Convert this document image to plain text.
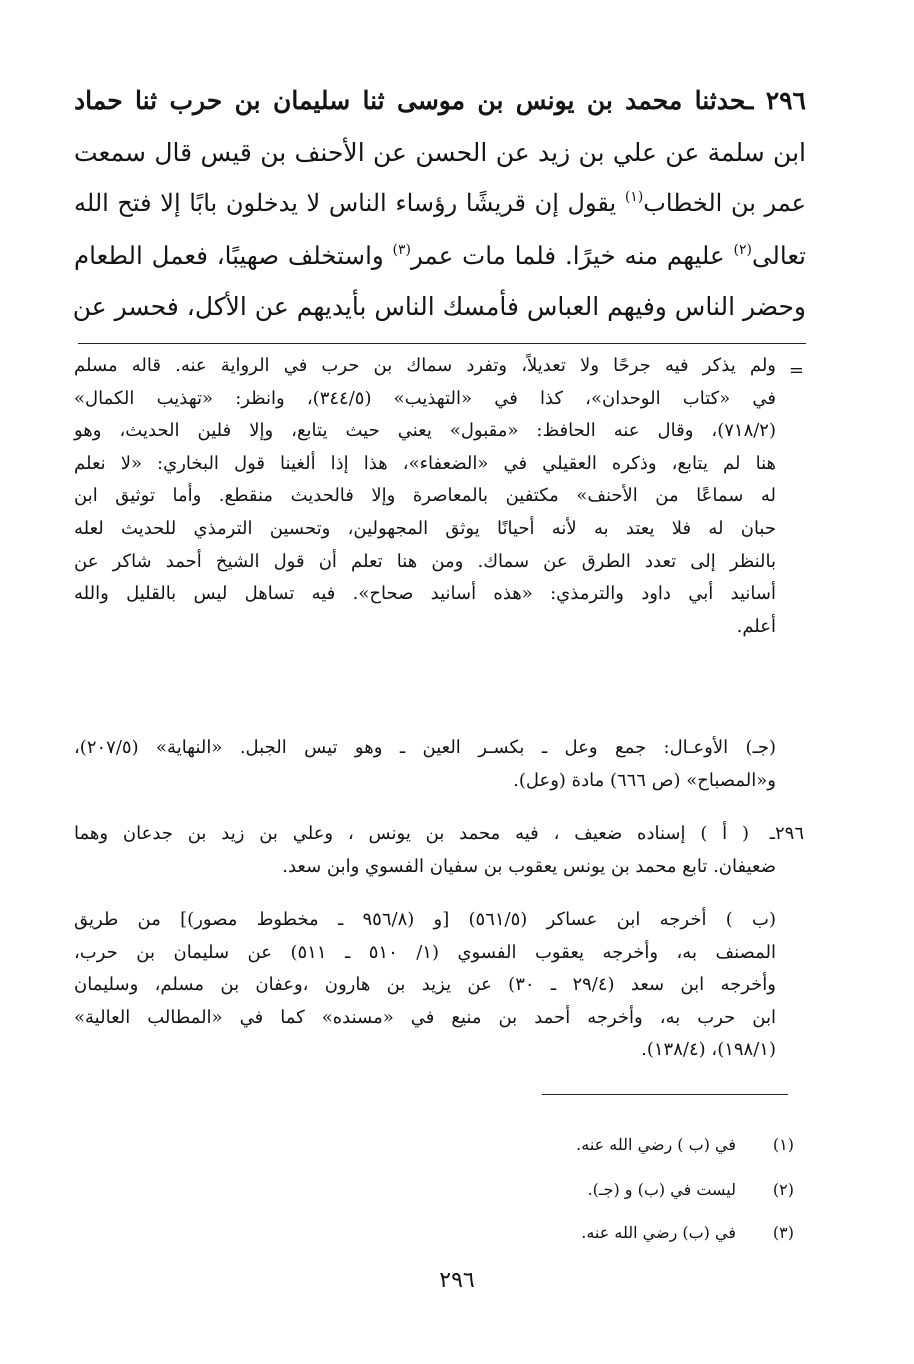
٢٩٦ ـحدثنا محمد بن يونس بن موسى ثنا سليمان بن حرب ثنا حماد
ابن سلمة عن علي بن زيد عن الحسن عن الأحنف بن قيس قال سمعت
عمر بن الخطاب$^{(١)}$ يقول إن قريشًا رؤساء الناس لا يدخلون بابًا إلا فتح الله
تعالى$^{(٢)}$ عليهم منه خيرًا. فلما مات عمر$^{(٣)}$ واستخلف صهيبًا، فعمل الطعام
وحضر الناس وفيهم العباس فأمسك الناس بأيديهم عن الأكل، فحسر عن
=
ولم يذكر فيه جرحًا ولا تعديلاً، وتفرد سماك بن حرب في الرواية عنه. قاله مسلم
في «كتاب الوحدان»، كذا في «التهذيب» (٣٤٤/٥)، وانظر: «تهذيب الكمال»
(٧١٨/٢)، وقال عنه الحافظ: «مقبول» يعني حيث يتابع، وإلا فلين الحديث، وهو
هنا لم يتابع، وذكره العقيلي في «الضعفاء»، هذا إذا ألغينا قول البخاري: «لا نعلم
له سماعًا من الأحنف» مكتفين بالمعاصرة وإلا فالحديث منقطع. وأما توثيق ابن
حبان له فلا يعتد به لأنه أحيانًا يوثق المجهولين، وتحسين الترمذي للحديث لعله
بالنظر إلى تعدد الطرق عن سماك. ومن هنا تعلم أن قول الشيخ أحمد شاكر عن
أسانيد أبي داود والترمذي: «هذه أسانيد صحاح». فيه تساهل ليس بالقليل والله
أعلم.
(جـ) الأوعـال: جمع وعل ـ بكسـر العين ـ وهو تيس الجبل. «النهاية» (٢٠٧/٥)،
و«المصباح» (ص ٦٦٦) مادة (وعل).
٢٩٦ـ
( أ ) إسناده ضعيف ، فيه محمد بن يونس ، وعلي بن زيد بن جدعان وهما
ضعيفان. تابع محمد بن يونس يعقوب بن سفيان الفسوي وابن سعد.
(ب ) أخرجه ابن عساكر (٥٦١/٥) [و (٩٥٦/٨ ـ مخطوط مصور)] من طريق
المصنف به، وأخرجه يعقوب الفسوي (١/ ٥١٠ ـ ٥١١) عن سليمان بن حرب،
وأخرجه ابن سعد (٢٩/٤ ـ ٣٠) عن يزيد بن هارون ،وعفان بن مسلم، وسليمان
ابن حرب به، وأخرجه أحمد بن منيع في «مسنده» كما في «المطالب العالية»
(١٩٨/١)، (١٣٨/٤).
(١)
في (ب ) رضي الله عنه.
(٢)
ليست في (ب) و (جـ).
(٣)
في (ب) رضي الله عنه.
٢٩٦
